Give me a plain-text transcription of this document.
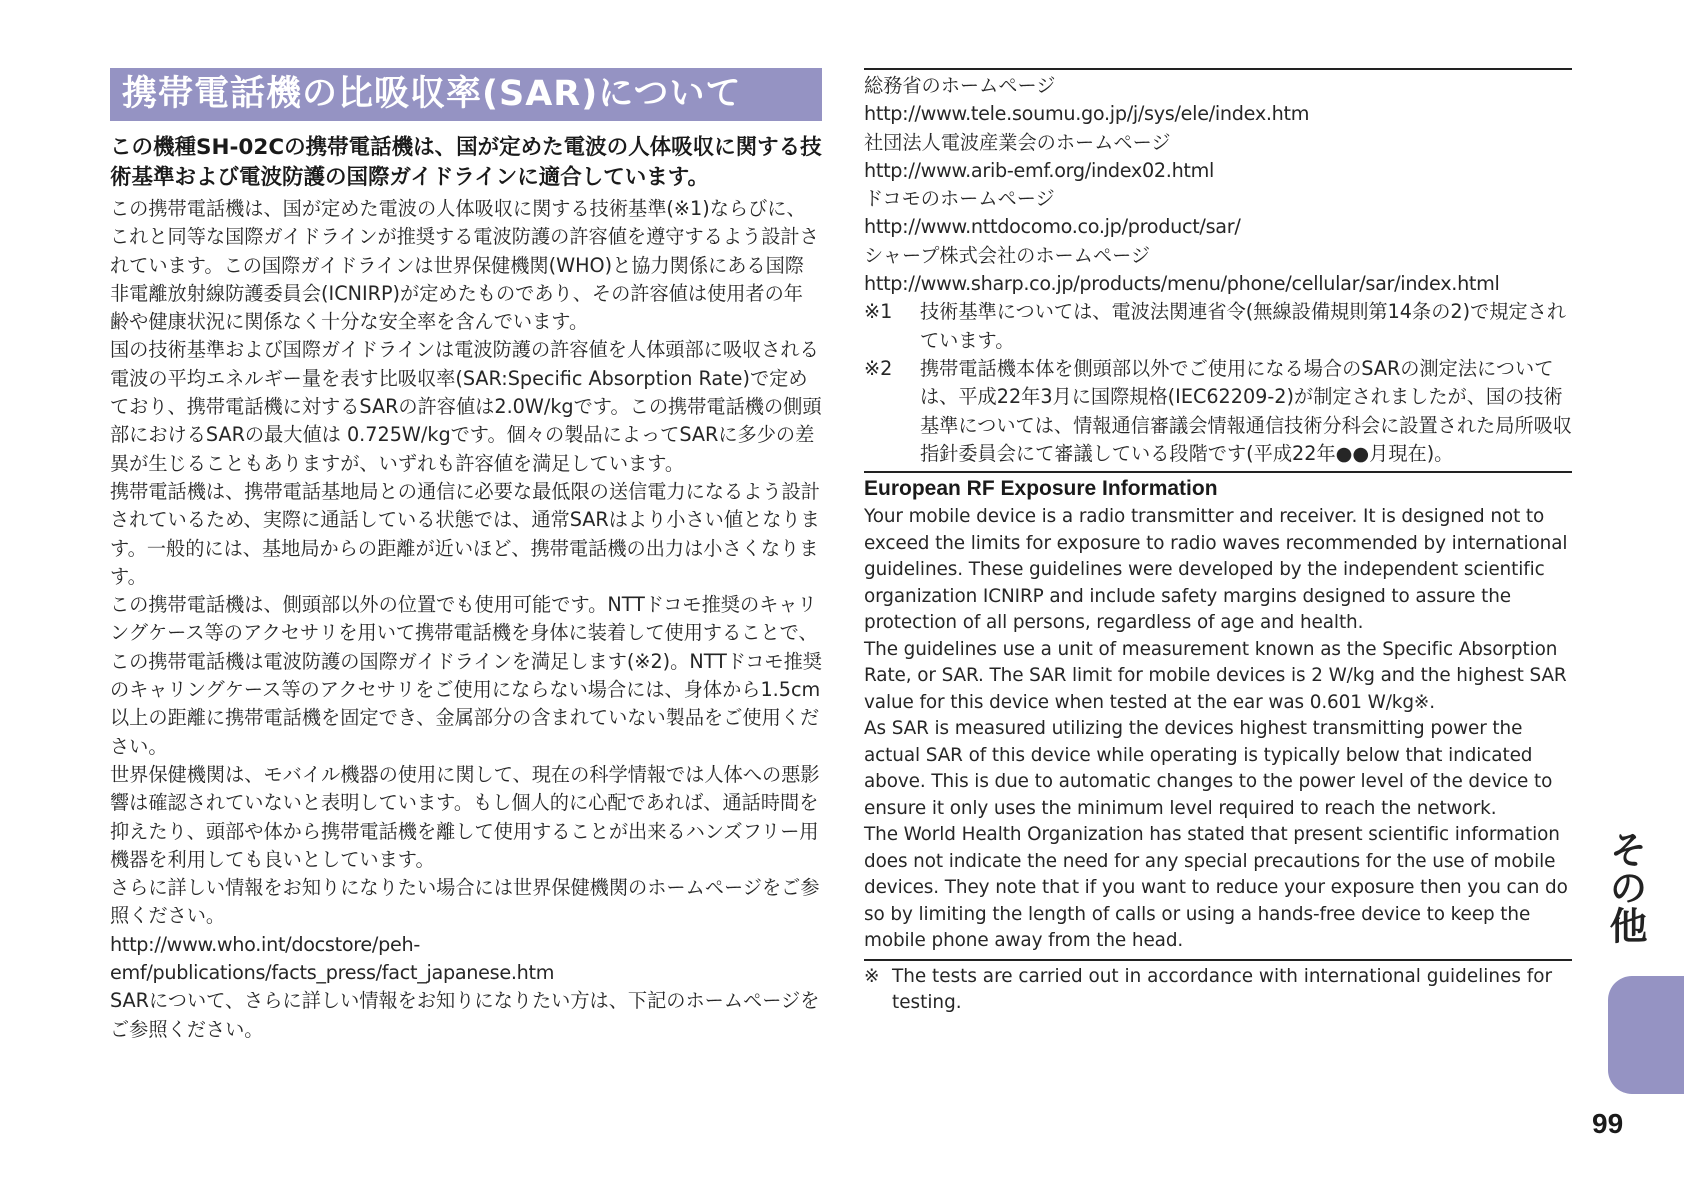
携帯電話機の比吸収率(SAR)について
この機種SH-02Cの携帯電話機は、国が定めた電波の人体吸収に関する技術基準および電波防護の国際ガイドラインに適合しています。

この携帯電話機は、国が定めた電波の人体吸収に関する技術基準(※1)ならびに、これと同等な国際ガイドラインが推奨する電波防護の許容値を遵守するよう設計されています。この国際ガイドラインは世界保健機関(WHO)と協力関係にある国際非電離放射線防護委員会(ICNIRP)が定めたものであり、その許容値は使用者の年齢や健康状況に関係なく十分な安全率を含んでいます。

国の技術基準および国際ガイドラインは電波防護の許容値を人体頭部に吸収される電波の平均エネルギー量を表す比吸収率(SAR:Specific Absorption Rate)で定めており、携帯電話機に対するSARの許容値は2.0W/kgです。この携帯電話機の側頭部におけるSARの最大値は 0.725W/kgです。個々の製品によってSARに多少の差異が生じることもありますが、いずれも許容値を満足しています。

携帯電話機は、携帯電話基地局との通信に必要な最低限の送信電力になるよう設計されているため、実際に通話している状態では、通常SARはより小さい値となります。一般的には、基地局からの距離が近いほど、携帯電話機の出力は小さくなります。

この携帯電話機は、側頭部以外の位置でも使用可能です。NTTドコモ推奨のキャリングケース等のアクセサリを用いて携帯電話機を身体に装着して使用することで、この携帯電話機は電波防護の国際ガイドラインを満足します(※2)。NTTドコモ推奨のキャリングケース等のアクセサリをご使用にならない場合には、身体から1.5cm以上の距離に携帯電話機を固定でき、金属部分の含まれていない製品をご使用ください。

世界保健機関は、モバイル機器の使用に関して、現在の科学情報では人体への悪影響は確認されていないと表明しています。もし個人的に心配であれば、通話時間を抑えたり、頭部や体から携帯電話機を離して使用することが出来るハンズフリー用機器を利用しても良いとしています。

さらに詳しい情報をお知りになりたい場合には世界保健機関のホームページをご参照ください。

http://www.who.int/docstore/peh-emf/publications/facts_press/fact_japanese.htm

SARについて、さらに詳しい情報をお知りになりたい方は、下記のホームページをご参照ください。

総務省のホームページ

http://www.tele.soumu.go.jp/j/sys/ele/index.htm

社団法人電波産業会のホームページ

http://www.arib-emf.org/index02.html

ドコモのホームページ

http://www.nttdocomo.co.jp/product/sar/

シャープ株式会社のホームページ

http://www.sharp.co.jp/products/menu/phone/cellular/sar/index.html

※1	技術基準については、電波法関連省令(無線設備規則第14条の2)で規定されています。
※2	携帯電話機本体を側頭部以外でご使用になる場合のSARの測定法については、平成22年3月に国際規格(IEC62209-2)が制定されましたが、国の技術基準については、情報通信審議会情報通信技術分科会に設置された局所吸収指針委員会にて審議している段階です(平成22年●●月現在)。
European RF Exposure Information

Your mobile device is a radio transmitter and receiver. It is designed not to exceed the limits for exposure to radio waves recommended by international guidelines. These guidelines were developed by the independent scientific organization ICNIRP and include safety margins designed to assure the protection of all persons, regardless of age and health.

The guidelines use a unit of measurement known as the Specific Absorption Rate, or SAR. The SAR limit for mobile devices is 2 W/kg and the highest SAR value for this device when tested at the ear was 0.601 W/kg※.

As SAR is measured utilizing the devices highest transmitting power the actual SAR of this device while operating is typically below that indicated above. This is due to automatic changes to the power level of the device to ensure it only uses the minimum level required to reach the network.

The World Health Organization has stated that present scientific information does not indicate the need for any special precautions for the use of mobile devices. They note that if you want to reduce your exposure then you can do so by limiting the length of calls or using a hands-free device to keep the mobile phone away from the head.

※ The tests are carried out in accordance with international guidelines for testing.
その他
99
